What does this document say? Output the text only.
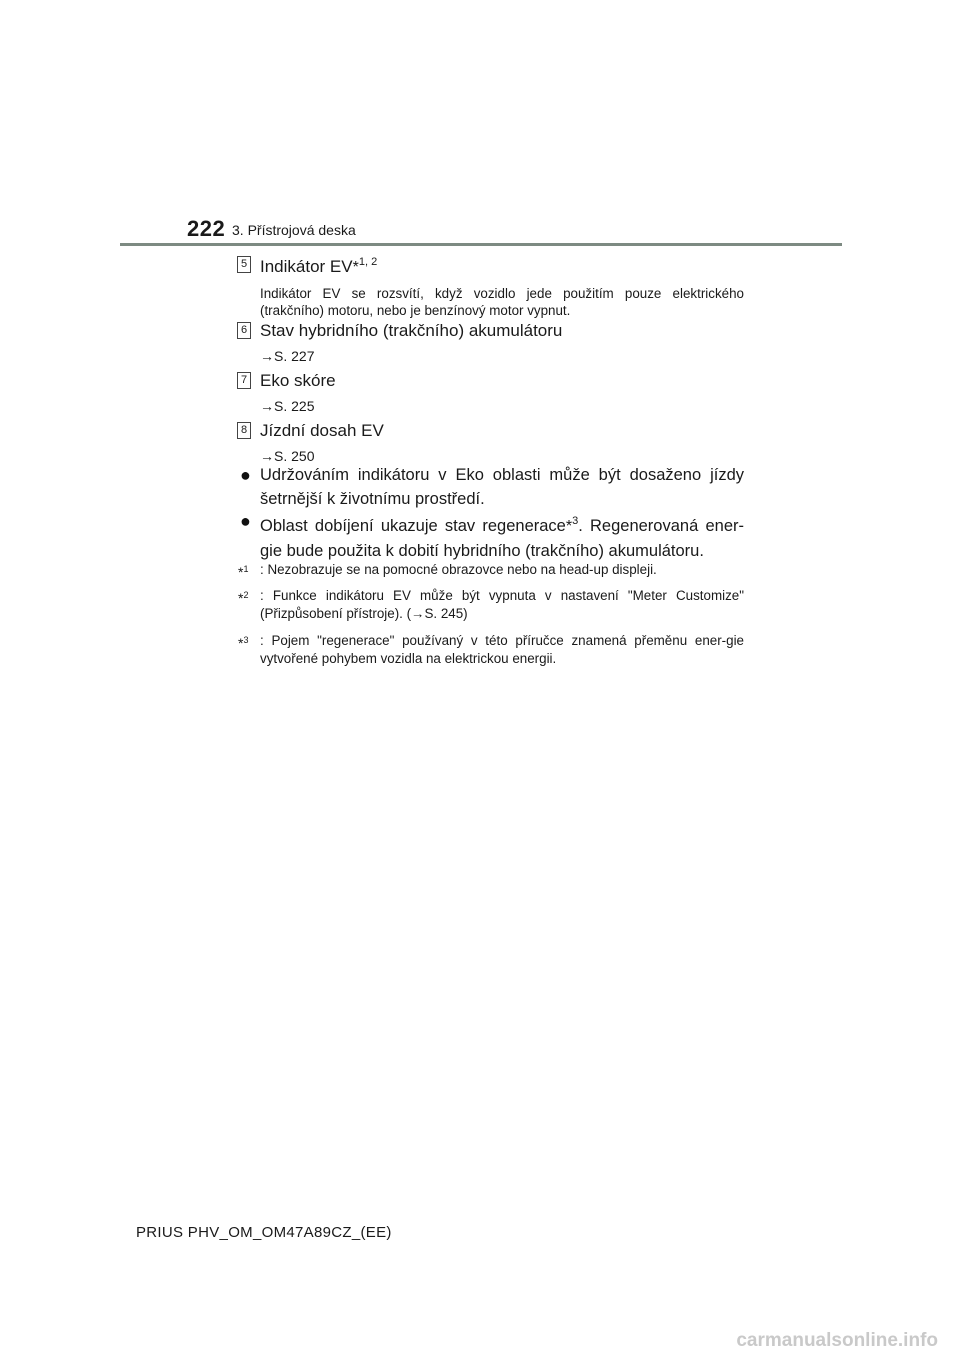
222 3. Přístrojová deska
5 Indikátor EV*$^{1, 2}$
Indikátor EV se rozsvítí, když vozidlo jede použitím pouze elektrického (trakčního) motoru, nebo je benzínový motor vypnut.
6 Stav hybridního (trakčního) akumulátoru
→S. 227
7 Eko skóre
→S. 225
8 Jízdní dosah EV
→S. 250
● Udržováním indikátoru v Eko oblasti může být dosaženo jízdy šetrnější k životnímu prostředí.
● Oblast dobíjení ukazuje stav regenerace*$^3$. Regenerovaná ener-gie bude použita k dobití hybridního (trakčního) akumulátoru.
*$^1$ : Nezobrazuje se na pomocné obrazovce nebo na head-up displeji.
*$^2$ : Funkce indikátoru EV může být vypnuta v nastavení "Meter Customize" (Přizpůsobení přístroje). (→S. 245)
*$^3$ : Pojem "regenerace" používaný v této příručce znamená přeměnu ener-gie vytvořené pohybem vozidla na elektrickou energii.
PRIUS PHV_OM_OM47A89CZ_(EE)
carmanualsonline.info
